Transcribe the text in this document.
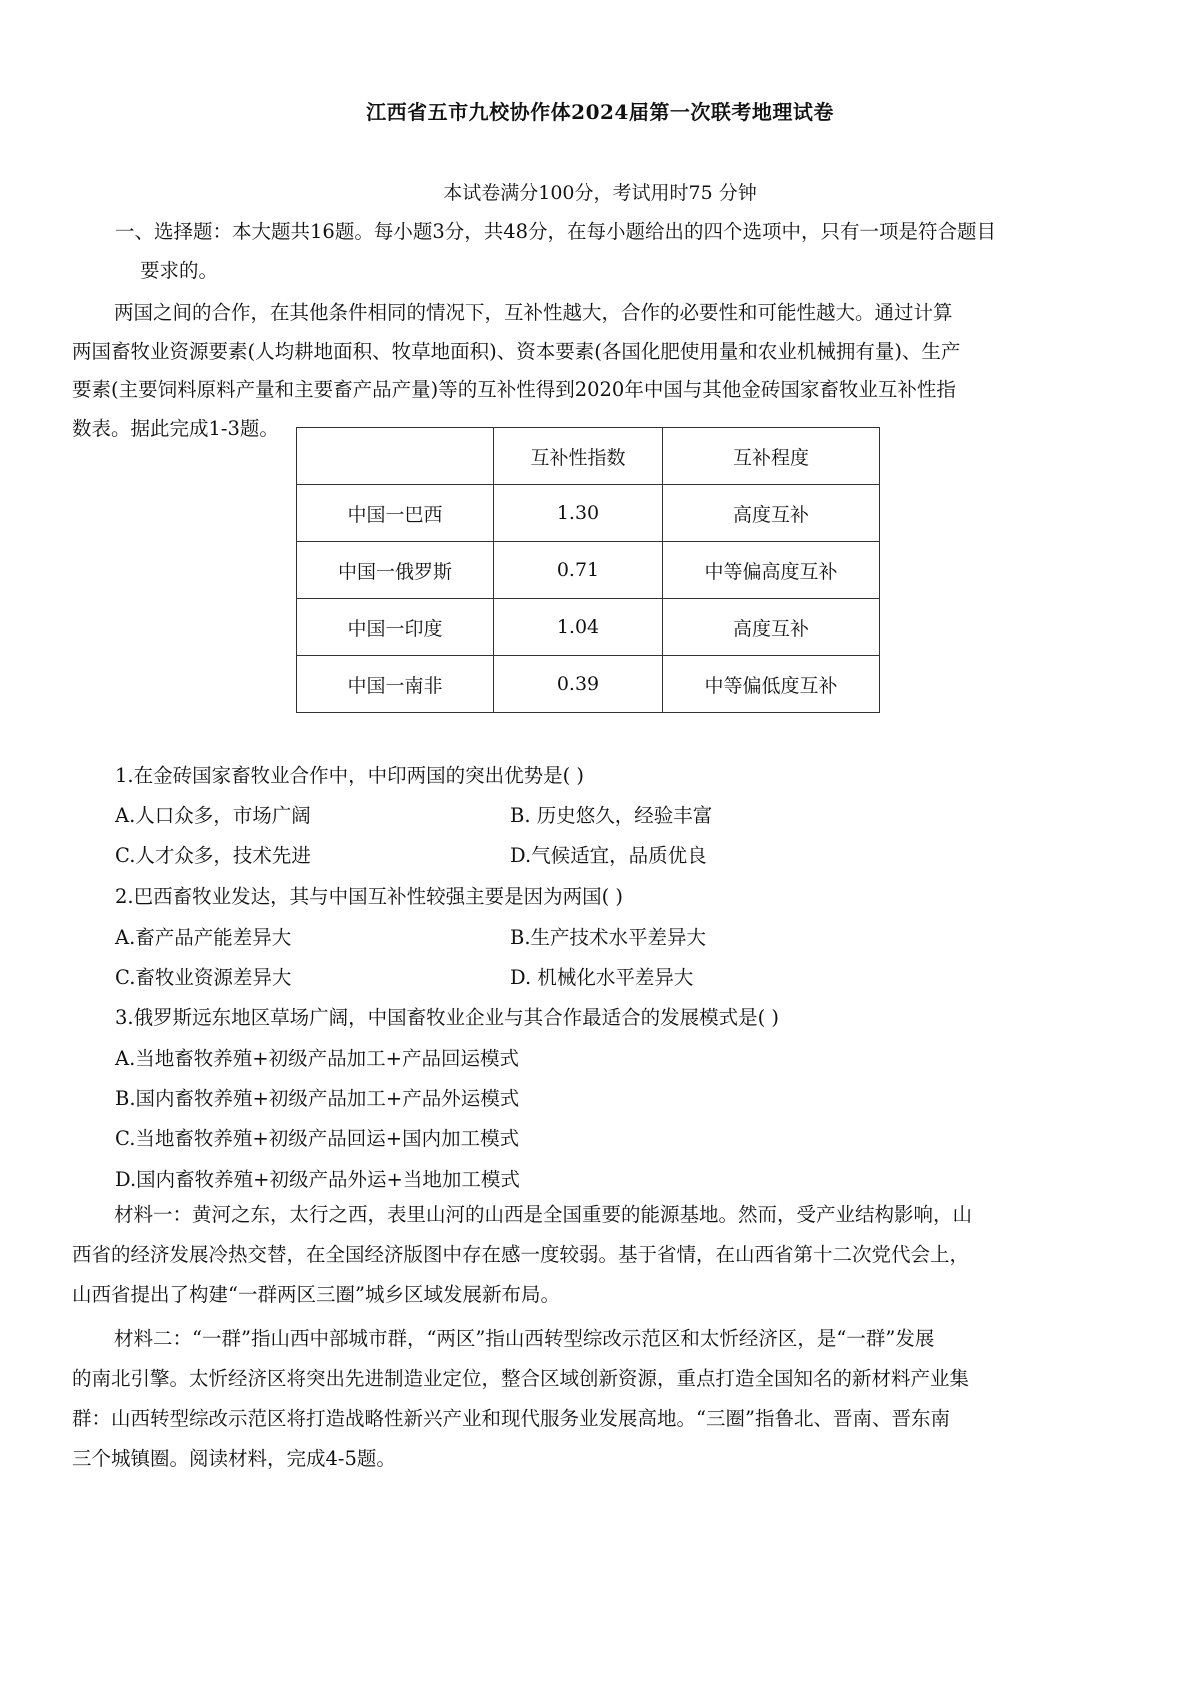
江西省五市九校协作体2024届第一次联考地理试卷
本试卷满分100分，考试用时75 分钟
一、选择题：本大题共16题。每小题3分，共48分，在每小题给出的四个选项中，只有一项是符合题目
要求的。
两国之间的合作，在其他条件相同的情况下，互补性越大，合作的必要性和可能性越大。通过计算
两国畜牧业资源要素(人均耕地面积、牧草地面积)、资本要素(各国化肥使用量和农业机械拥有量)、生产
要素(主要饲料原料产量和主要畜产品产量)等的互补性得到2020年中国与其他金砖国家畜牧业互补性指
数表。据此完成1-3题。
	互补性指数	互补程度
中国一巴西	1.30	高度互补
中国一俄罗斯	0.71	中等偏高度互补
中国一印度	1.04	高度互补
中国一南非	0.39	中等偏低度互补
1.在金砖国家畜牧业合作中，中印两国的突出优势是( )
A.人口众多，市场广阔	B. 历史悠久，经验丰富
C.人才众多，技术先进	D.气候适宜，品质优良
2.巴西畜牧业发达，其与中国互补性较强主要是因为两国( )
A.畜产品产能差异大	B.生产技术水平差异大
C.畜牧业资源差异大	D. 机械化水平差异大
3.俄罗斯远东地区草场广阔，中国畜牧业企业与其合作最适合的发展模式是( )
A.当地畜牧养殖+初级产品加工+产品回运模式
B.国内畜牧养殖+初级产品加工+产品外运模式
C.当地畜牧养殖+初级产品回运+国内加工模式
D.国内畜牧养殖+初级产品外运+当地加工模式
材料一：黄河之东，太行之西，表里山河的山西是全国重要的能源基地。然而，受产业结构影响，山
西省的经济发展冷热交替，在全国经济版图中存在感一度较弱。基于省情，在山西省第十二次党代会上，
山西省提出了构建“一群两区三圈”城乡区域发展新布局。
材料二：“一群”指山西中部城市群，“两区”指山西转型综改示范区和太忻经济区，是“一群”发展
的南北引擎。太忻经济区将突出先进制造业定位，整合区域创新资源，重点打造全国知名的新材料产业集
群：山西转型综改示范区将打造战略性新兴产业和现代服务业发展高地。“三圈”指鲁北、晋南、晋东南
三个城镇圈。阅读材料，完成4-5题。
